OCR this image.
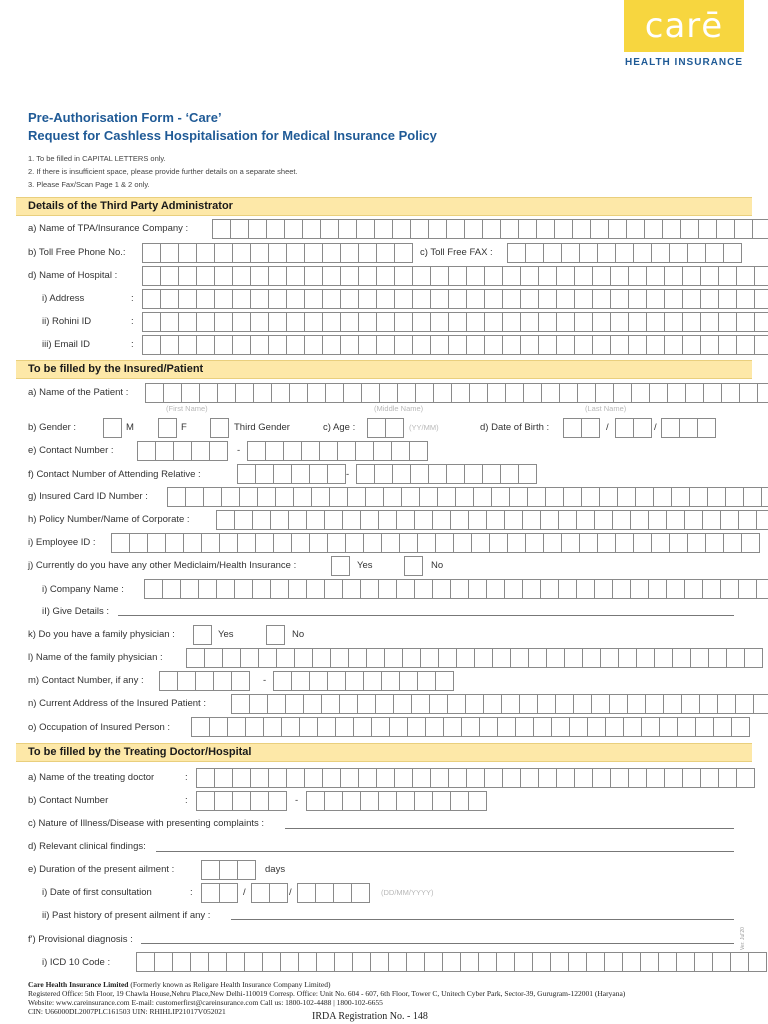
carē
HEALTH INSURANCE
Pre-Authorisation Form - ‘Care’
Request for Cashless Hospitalisation for Medical Insurance Policy
1. To be filled in CAPITAL LETTERS only.
2. If there is insufficient space, please provide further details on a separate sheet.
3. Please Fax/Scan Page 1 & 2 only.
Details of the Third Party Administrator
a) Name of TPA/Insurance Company :
b) Toll Free Phone No.:	c) Toll Free FAX :
d) Name of Hospital :
i) Address	:
ii) Rohini ID	:
iii) Email ID	:
To be filled by the Insured/Patient
a) Name of the Patient :
(First Name)	(Middle Name)	(Last Name)
b) Gender :	M	F	Third Gender	c) Age :	(YY/MM)	d) Date of Birth :	/	/
e) Contact Number :	-
f) Contact Number of Attending Relative :	-
g) Insured Card ID Number :
h) Policy Number/Name of Corporate :
i) Employee ID :
j) Currently do you have any other Mediclaim/Health Insurance :	Yes	No
i) Company Name :
iI) Give Details :
k) Do you have a family physician :	Yes	No
l) Name of the family physician :
m) Contact Number, if any :	-
n) Current Address of the Insured Patient :
o) Occupation of Insured Person :
To be filled by the Treating Doctor/Hospital
a) Name of the treating doctor	:
b) Contact Number	:	-
c) Nature of Illness/Disease with presenting complaints :
d) Relevant clinical findings:
e) Duration of the present ailment :	days
i) Date of first consultation	:	/	/	(DD/MM/YYYY)
ii) Past history of present ailment if any :
f') Provisional diagnosis :
i) ICD 10 Code :
Ver. Jul'20
Care Health Insurance Limited (Formerly known as Religare Health Insurance Company Limited)
Registered Office: 5th Floor, 19 Chawla House,Nehru Place,New Delhi-110019 Corresp. Office: Unit No. 604 - 607, 6th Floor, Tower C, Unitech Cyber Park, Sector-39, Gurugram-122001 (Haryana)
Website: www.careinsurance.com E-mail: customerfirst@careinsurance.com Call us: 1800-102-4488 | 1800-102-6655
CIN: U66000DL2007PLC161503 UIN: RHIHLIP21017V052021	IRDA Registration No. - 148
